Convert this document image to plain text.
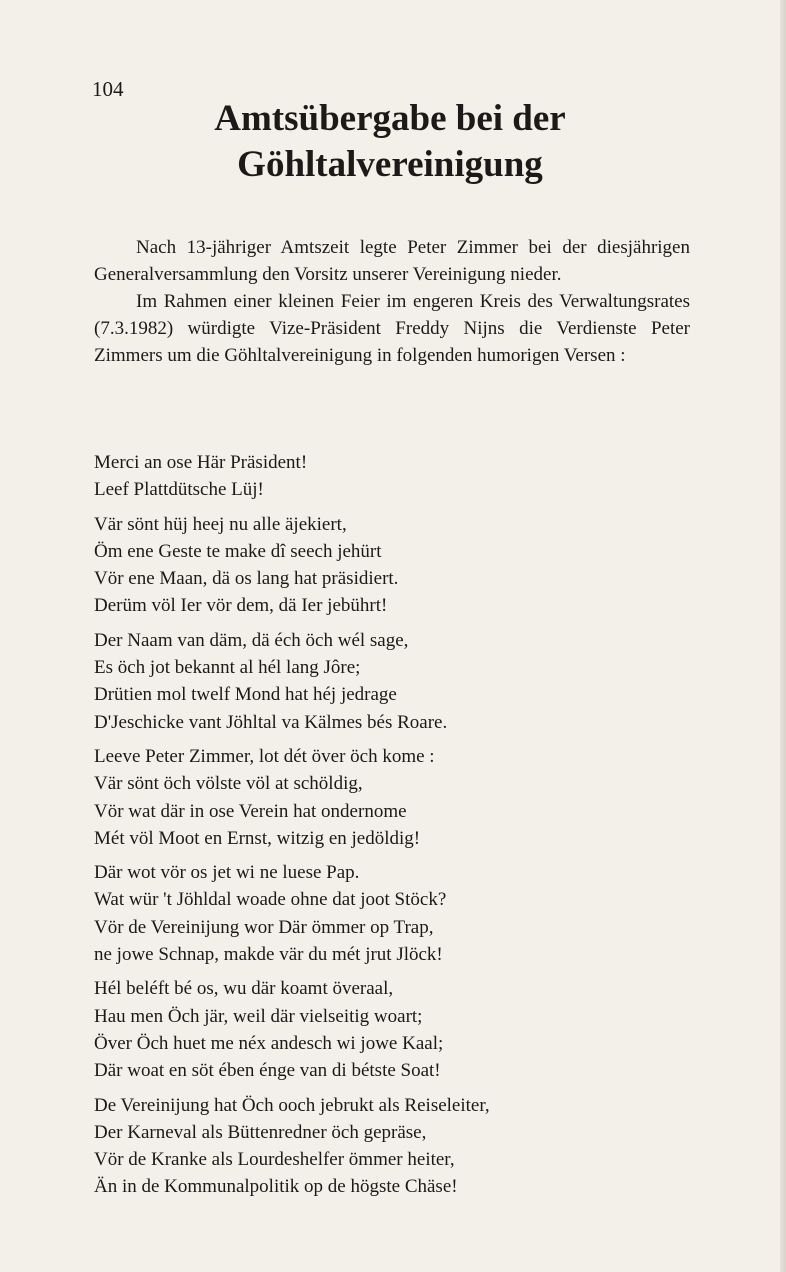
104
Amtsübergabe bei der
Göhltalvereinigung

Nach 13-jähriger Amtszeit legte Peter Zimmer bei der diesjährigen Generalversammlung den Vorsitz unserer Vereinigung nieder.

Im Rahmen einer kleinen Feier im engeren Kreis des Verwaltungsrates (7.3.1982) würdigte Vize-Präsident Freddy Nijns die Verdienste Peter Zimmers um die Göhltalvereinigung in folgenden humorigen Versen :

Merci an ose Här Präsident!
Leef Plattdütsche Lüj!
Vär sönt hüj heej nu alle äjekiert,
Öm ene Geste te make dî seech jehürt
Vör ene Maan, dä os lang hat präsidiert.
Derüm völ Ier vör dem, dä Ier jebührt!
Der Naam van däm, dä éch öch wél sage,
Es öch jot bekannt al hél lang Jôre;
Drütien mol twelf Mond hat héj jedrage
D'Jeschicke vant Jöhltal va Kälmes bés Roare.
Leeve Peter Zimmer, lot dét över öch kome :
Vär sönt öch völste völ at schöldig,
Vör wat där in ose Verein hat ondernome
Mét völ Moot en Ernst, witzig en jedöldig!
Där wot vör os jet wi ne luese Pap.
Wat wür 't Jöhldal woade ohne dat joot Stöck?
Vör de Vereinijung wor Där ömmer op Trap,
ne jowe Schnap, makde vär du mét jrut Jlöck!
Hél beléft bé os, wu där koamt överaal,
Hau men Öch jär, weil där vielseitig woart;
Över Öch huet me néx andesch wi jowe Kaal;
Där woat en söt ében énge van di bétste Soat!
De Vereinijung hat Öch ooch jebrukt als Reiseleiter,
Der Karneval als Büttenredner öch gepräse,
Vör de Kranke als Lourdeshelfer ömmer heiter,
Än in de Kommunalpolitik op de högste Chäse!
